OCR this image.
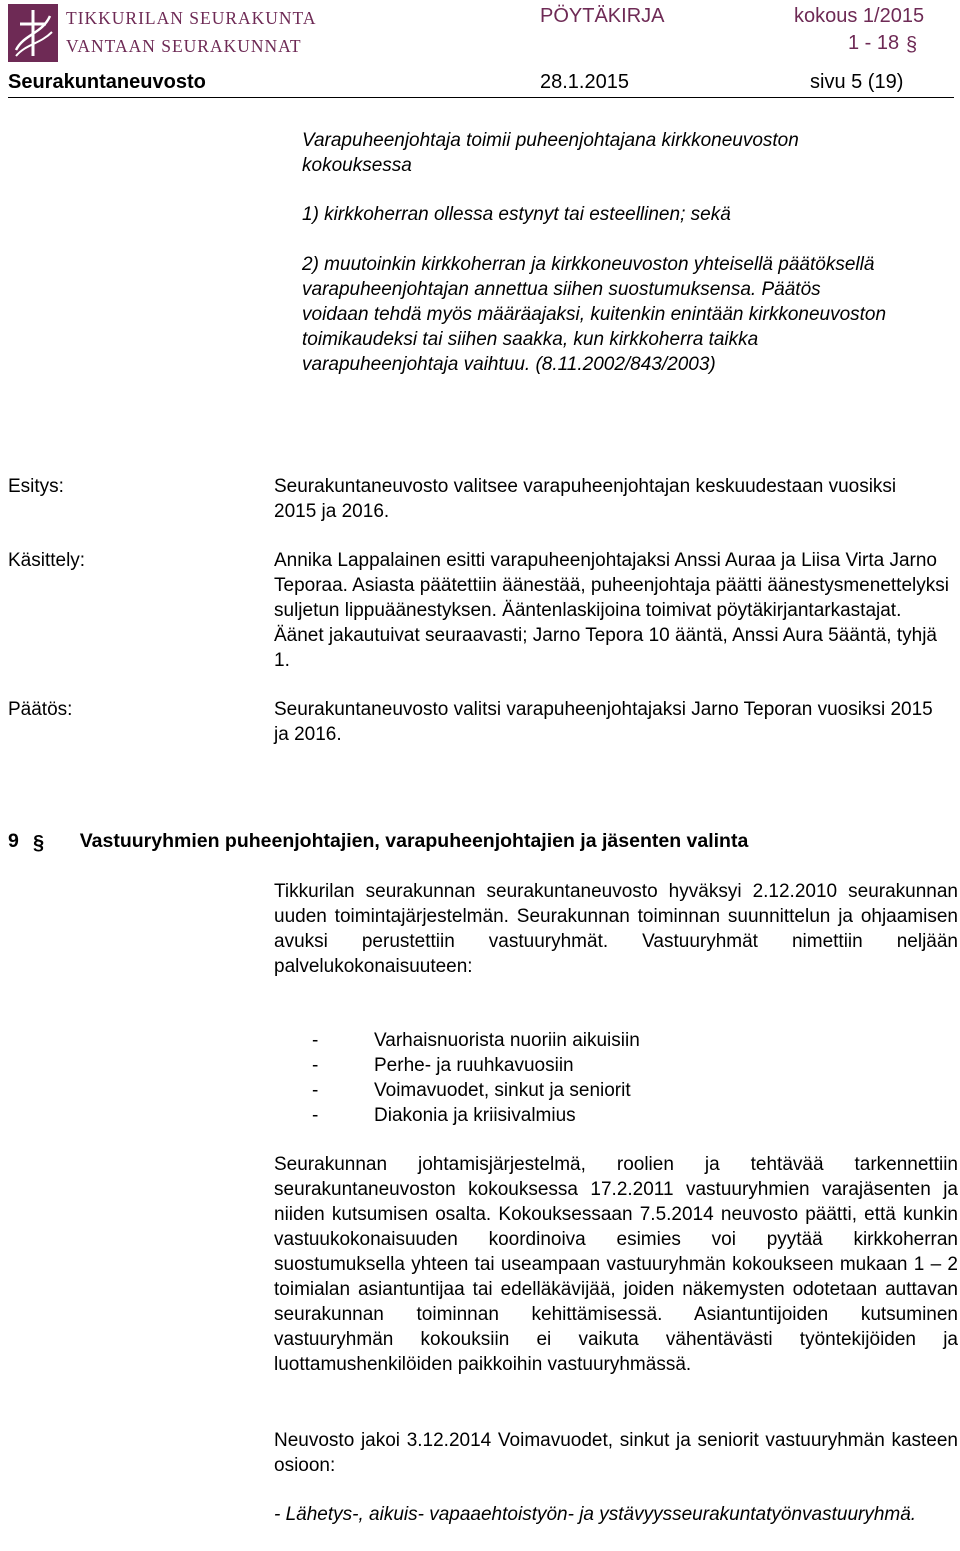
TIKKURILAN SEURAKUNTA
VANTAAN SEURAKUNNAT
PÖYTÄKIRJA	kokous 1/2015
1 - 18 §
Seurakuntaneuvosto	28.1.2015	sivu 5 (19)

Varapuheenjohtaja toimii puheenjohtajana kirkkoneuvoston kokouksessa

1) kirkkoherran ollessa estynyt tai esteellinen; sekä

2) muutoinkin kirkkoherran ja kirkkoneuvoston yhteisellä päätöksellä varapuheenjohtajan annettua siihen suostumuksensa. Päätös voidaan tehdä myös määräajaksi, kuitenkin enintään kirkkoneuvoston toimikaudeksi tai siihen saakka, kun kirkkoherra taikka varapuheenjohtaja vaihtuu. (8.11.2002/843/2003)

Esitys:	Seurakuntaneuvosto valitsee varapuheenjohtajan keskuudestaan vuosiksi 2015 ja 2016.

Käsittely:	Annika Lappalainen esitti varapuheenjohtajaksi Anssi Auraa ja Liisa Virta Jarno Teporaa. Asiasta päätettiin äänestää, puheenjohtaja päätti äänestysmenettelyksi suljetun lippuäänestyksen. Ääntenlaskijoina toimivat pöytäkirjantarkastajat. Äänet jakautuivat seuraavasti; Jarno Tepora 10 ääntä, Anssi Aura 5ääntä, tyhjä 1.

Päätös:	Seurakuntaneuvosto valitsi varapuheenjohtajaksi Jarno Teporan vuosiksi 2015 ja 2016.

9 § Vastuuryhmien puheenjohtajien, varapuheenjohtajien ja jäsenten valinta

Tikkurilan seurakunnan seurakuntaneuvosto hyväksyi 2.12.2010 seurakunnan uuden toimintajärjestelmän. Seurakunnan toiminnan suunnittelun ja ohjaamisen avuksi perustettiin vastuuryhmät. Vastuuryhmät nimettiin neljään palvelukokonaisuuteen:

-	Varhaisnuorista nuoriin aikuisiin
-	Perhe- ja ruuhkavuosiin
-	Voimavuodet, sinkut ja seniorit
-	Diakonia ja kriisivalmius

Seurakunnan johtamisjärjestelmä, roolien ja tehtävää tarkennettiin seurakuntaneuvoston kokouksessa 17.2.2011 vastuuryhmien varajäsenten ja niiden kutsumisen osalta. Kokouksessaan 7.5.2014 neuvosto päätti, että kunkin vastuukokonaisuuden koordinoiva esimies voi pyytää kirkkoherran suostumuksella yhteen tai useampaan vastuuryhmän kokoukseen mukaan 1 – 2 toimialan asiantuntijaa tai edelläkävijää, joiden näkemysten odotetaan auttavan seurakunnan toiminnan kehittämisessä. Asiantuntijoiden kutsuminen vastuuryhmän kokouksiin ei vaikuta vähentävästi työntekijöiden ja luottamushenkilöiden paikkoihin vastuuryhmässä.

Neuvosto jakoi 3.12.2014 Voimavuodet, sinkut ja seniorit vastuuryhmän kasteen osioon:

- Lähetys-, aikuis- vapaaehtoistyön- ja ystävyysseurakuntatyönvastuuryhmä.
